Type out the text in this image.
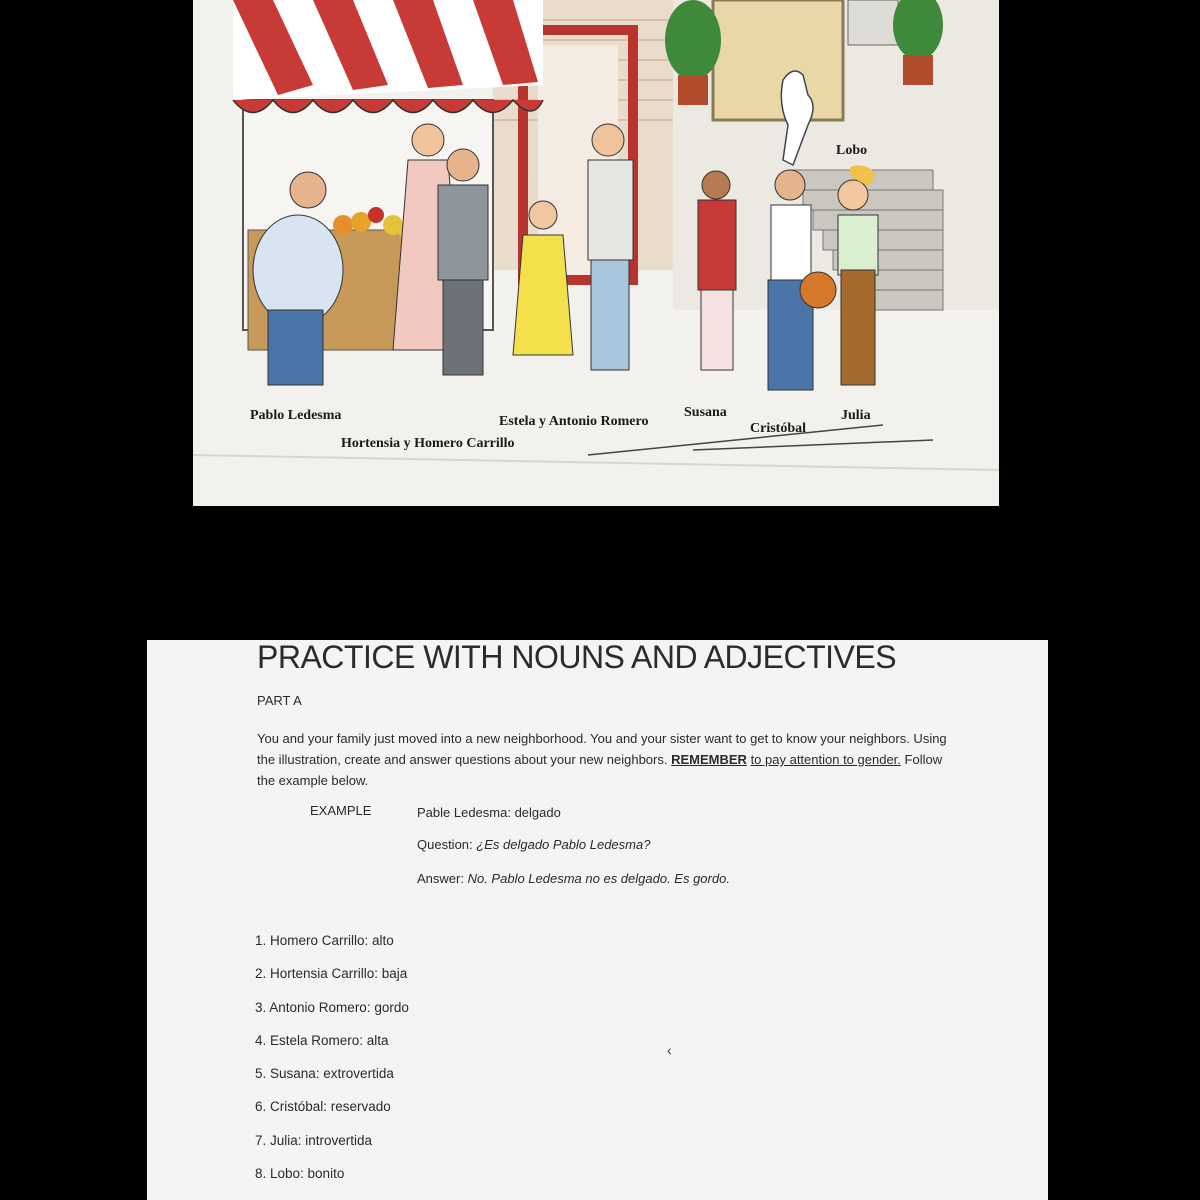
Pablo Ledesma
Hortensia y Homero Carrillo
Estela y Antonio Romero
Susana
Cristóbal
Julia
Lobo
PRACTICE WITH NOUNS AND ADJECTIVES
PART A
You and your family just moved into a new neighborhood. You and your sister want to get to know your neighbors. Using the illustration, create and answer questions about your new neighbors. REMEMBER to pay attention to gender. Follow the example below.
EXAMPLE	Pable Ledesma: delgado
Question: ¿Es delgado Pablo Ledesma?
Answer: No. Pablo Ledesma no es delgado. Es gordo.
1. Homero Carrillo: alto
2. Hortensia Carrillo: baja
3. Antonio Romero: gordo
4. Estela Romero: alta
5. Susana: extrovertida
6. Cristóbal: reservado
7. Julia: introvertida
8. Lobo: bonito
‹
